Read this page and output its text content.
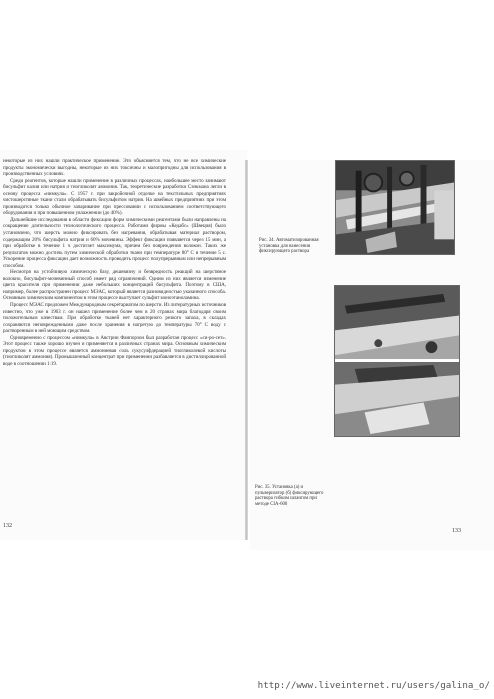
некоторые из них нашли практическое применение. Это объясняется тем, что не все химические продукты экономически выгодны, некоторые из них токсичны и малопригодны для использования в производственных условиях.

Среди реагентов, которые нашли применение в различных процессах, наибольшее место занимают бисульфит калия или натрия и тиогликолят аммония. Так, теоретические разработки Сэнкмана легли в основу процесса «нимкула». С 1957 г. при закройочной отделке на текстильных предприятиях чистошерстяные ткани стали обрабатывать бисульфитом натрия. На швейных предприятиях при этом производится только обычное запаривание при прессовании с использованием соответствующего оборудования и при повышенном увлажнении (до 40%).

Дальнейшие исследования в области фиксации форм химическими реагентами были направлены на сокращение длительности технологического процесса. Работами фирмы «Кедабс» (Швеция) было установлено, что шерсть можно фиксировать без нагревания, обрабатывая материал раствором, содержащим 20% бисульфита натрия и 60% мочевины. Эффект фиксации появляется через 15 мин, а при обработке в течение 1 ч достигает максимума, причем без повреждения волокон. Таких же результатов можно достичь путем химической обработки ткани при температуре 80° С в течение 5 с. Ускорение процесса фиксации дает возможность проводить процесс полупрерывным или непрерывным способом.

Несмотря на устойчивую химическую базу, дешевизну и безвредность реакций на шерстяное волокно, бисульфит-мочевинный способ имеет ряд ограничений. Одним из них является изменение цвета красителя при применении даже небольших концентраций бисульфита. Поэтому в США, например, более распространен процесс МЭАС, который является разновидностью указанного способа. Основным химическим компонентом в этом процессе выступает сульфит моноэтаноламина.

Процесс МЭАС предложен Международным секретариатом по шерсти. Из литературных источников известно, что уже в 1963 г. он нашел применение более чем в 20 странах мира благодаря своим положительным качествам. При обработке тканей нет характерного резкого запаха, в складах сохраняются неповрежденными даже после хранения в нагретую до температуры 70° С воду с растворенным в ней моющим средством.

Одновременно с процессом «нимкула» в Австрии Фанпорзон был разработан процесс «си-ро-сет». Этот процесс также хорошо изучен и применяется в различных странах мира. Основным химическим продуктом в этом процессе является аммониевая соль сукусулфдерацией тиогликолевой кислоты (тиогликолят аммония). Промышленный концентрат при применении разбавляется в дистиллированной воде в соотношении 1:19.

132
Рис. 34. Автоматизированная установка для нанесения фиксирующего раствора
Рис. 35. Установка (а) и пульверизатор (б) фиксирующего раствора гибким шлангом при методе СIA-600
133
http://www.liveinternet.ru/users/galina_o/
